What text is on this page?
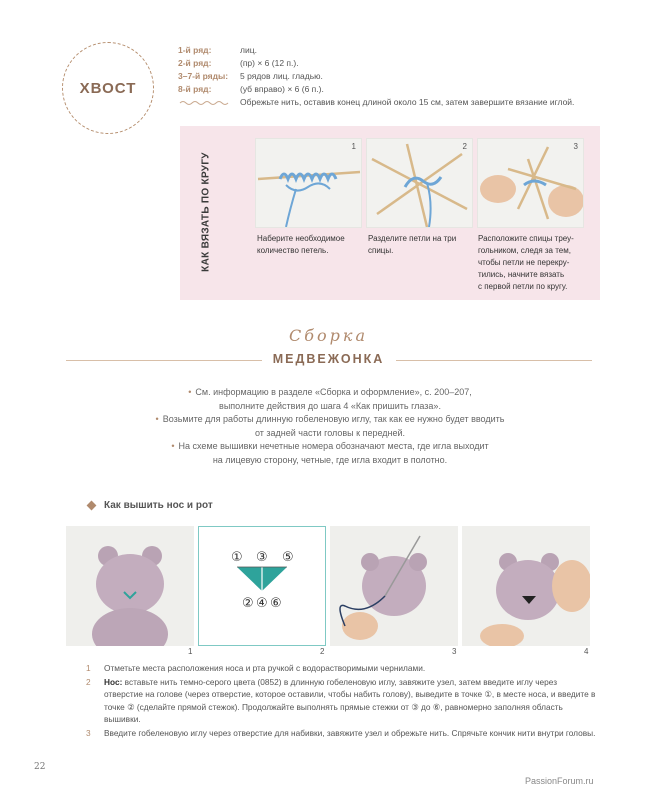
ХВОСТ
1-й ряд:	лиц.
2-й ряд:	(пр) × 6 (12 п.).
3–7-й ряды:	5 рядов лиц. гладью.
8-й ряд:	(уб вправо) × 6 (6 п.).
Обрежьте нить, оставив конец длиной около 15 см, затем завершите вязание иглой.
КАК ВЯЗАТЬ ПО КРУГУ
1
Наберите необходимое
количество петель.
2
Разделите петли на три
спицы.
3
Расположите спицы треу-
гольником, следя за тем,
чтобы петли не перекру-
тились, начните вязать
с первой петли по кругу.
Сборка
МЕДВЕЖОНКА
• См. информацию в разделе «Сборка и оформление», с. 200–207,
выполните действия до шага 4 «Как пришить глаза».
• Возьмите для работы длинную гобеленовую иглу, так как ее нужно будет вводить
от задней части головы к передней.
• На схеме вышивки нечетные номера обозначают места, где игла выходит
на лицевую сторону, четные, где игла входит в полотно.
Как вышить нос и рот
① ③ ⑤
② ④ ⑥
1	2	3	4
1	Отметьте места расположения носа и рта ручкой с водорастворимыми чернилами.
2	Нос: вставьте нить темно-серого цвета (0852) в длинную гобеленовую иглу, завяжите узел, затем введите иглу через отверстие на голове (через отверстие, которое оставили, чтобы набить голову), выведите в точке ①, в месте носа, и введите в точке ② (сделайте прямой стежок). Продолжайте выполнять прямые стежки от ③ до ⑥, равномерно заполняя область вышивки.
3	Введите гобеленовую иглу через отверстие для набивки, завяжите узел и обрежьте нить. Спрячьте кончик нити внутри головы.
22
PassionForum.ru
